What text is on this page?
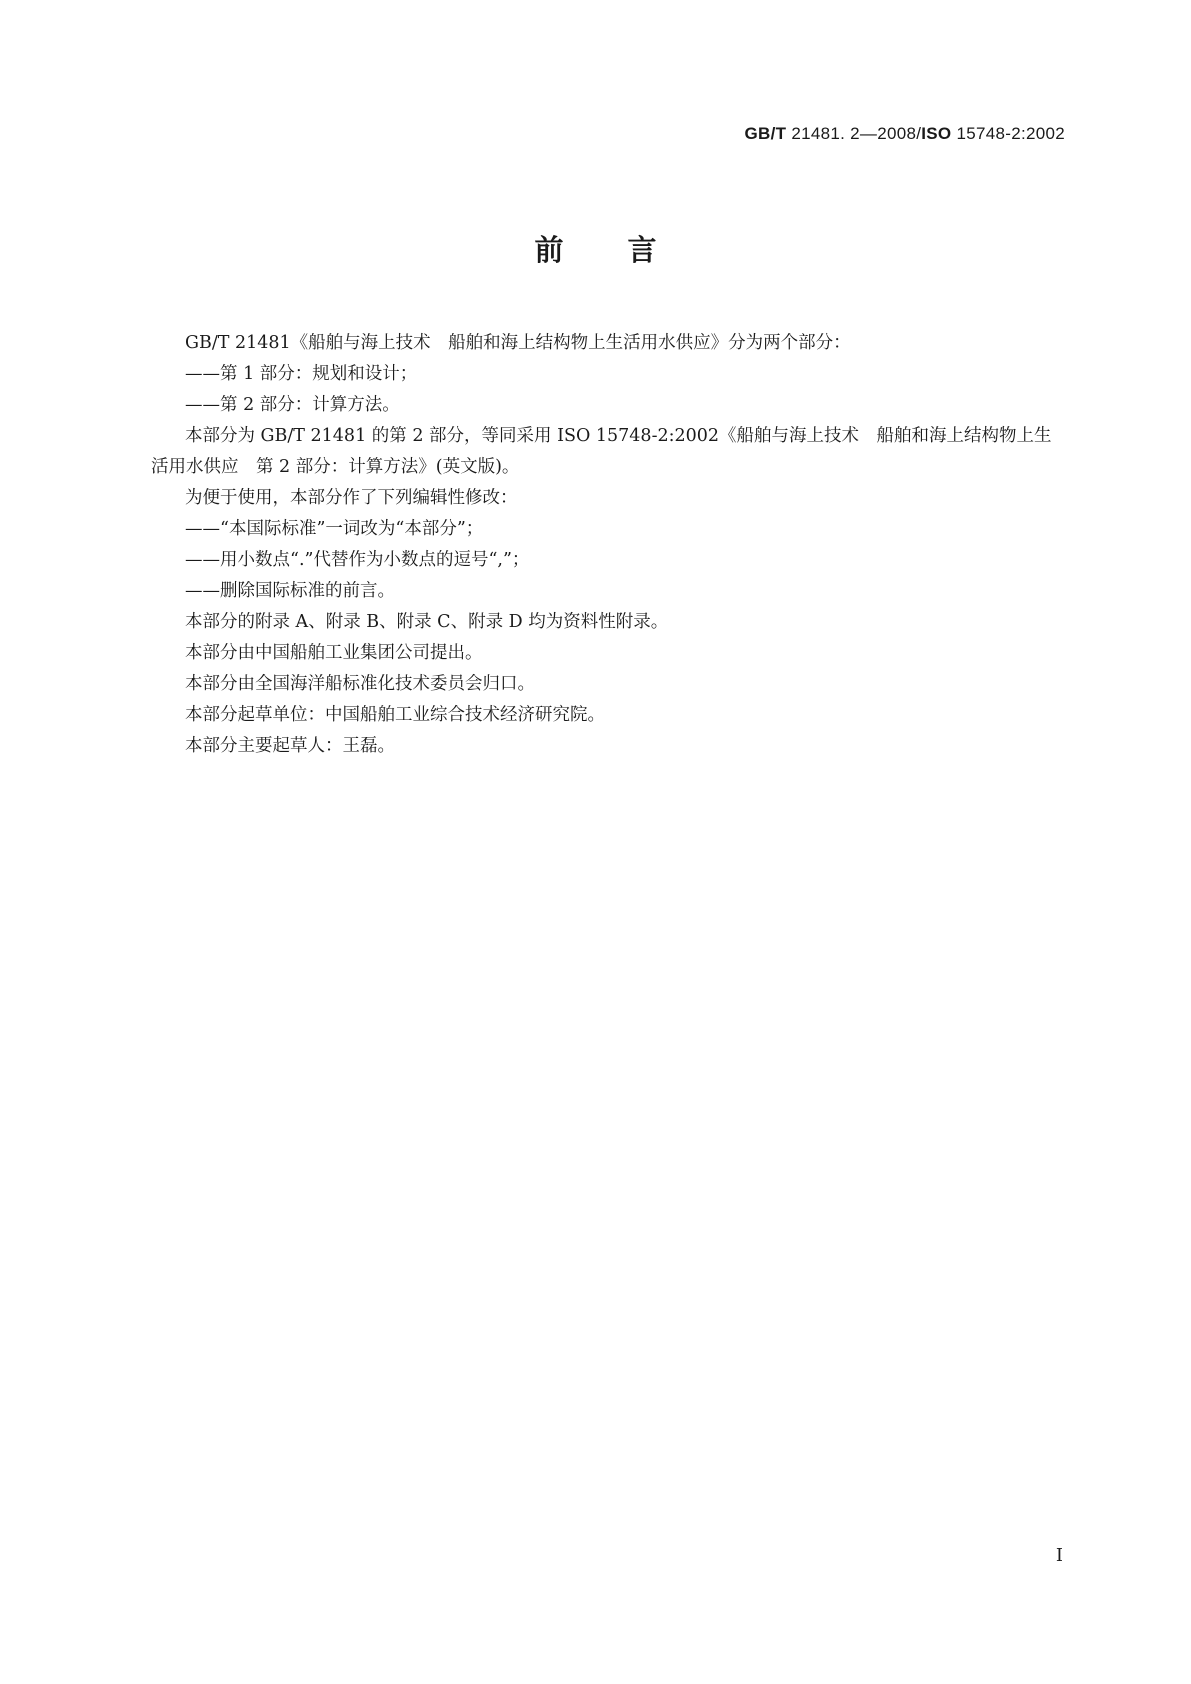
GB/T 21481. 2—2008/ISO 15748-2:2002
前言

GB/T 21481《船舶与海上技术　船舶和海上结构物上生活用水供应》分为两个部分：

——第 1 部分：规划和设计；

——第 2 部分：计算方法。

本部分为 GB/T 21481 的第 2 部分，等同采用 ISO 15748-2:2002《船舶与海上技术　船舶和海上结构物上生活用水供应　第 2 部分：计算方法》(英文版)。

为便于使用，本部分作了下列编辑性修改：

——“本国际标准”一词改为“本部分”；

——用小数点“.”代替作为小数点的逗号“,”；

——删除国际标准的前言。

本部分的附录 A、附录 B、附录 C、附录 D 均为资料性附录。

本部分由中国船舶工业集团公司提出。

本部分由全国海洋船标准化技术委员会归口。

本部分起草单位：中国船舶工业综合技术经济研究院。

本部分主要起草人：王磊。

I
